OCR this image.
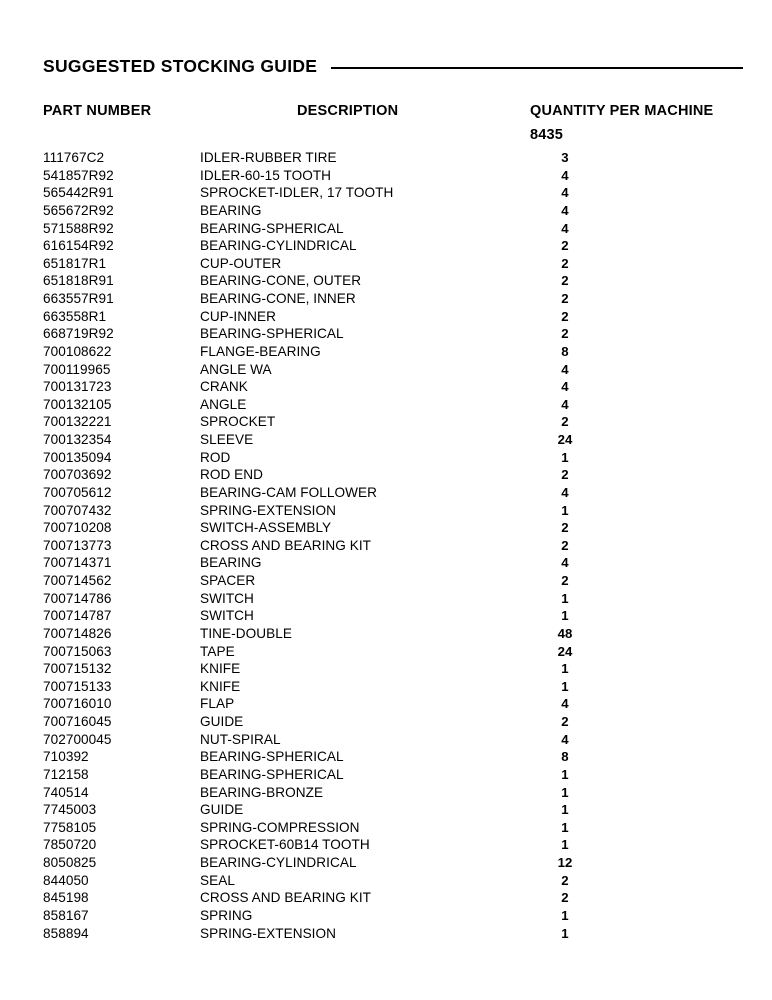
SUGGESTED STOCKING GUIDE
PART NUMBER	DESCRIPTION	QUANTITY PER MACHINE
8435
111767C2	IDLER-RUBBER TIRE	3
541857R92	IDLER-60-15 TOOTH	4
565442R91	SPROCKET-IDLER, 17 TOOTH	4
565672R92	BEARING	4
571588R92	BEARING-SPHERICAL	4
616154R92	BEARING-CYLINDRICAL	2
651817R1	CUP-OUTER	2
651818R91	BEARING-CONE, OUTER	2
663557R91	BEARING-CONE, INNER	2
663558R1	CUP-INNER	2
668719R92	BEARING-SPHERICAL	2
700108622	FLANGE-BEARING	8
700119965	ANGLE WA	4
700131723	CRANK	4
700132105	ANGLE	4
700132221	SPROCKET	2
700132354	SLEEVE	24
700135094	ROD	1
700703692	ROD END	2
700705612	BEARING-CAM FOLLOWER	4
700707432	SPRING-EXTENSION	1
700710208	SWITCH-ASSEMBLY	2
700713773	CROSS AND BEARING KIT	2
700714371	BEARING	4
700714562	SPACER	2
700714786	SWITCH	1
700714787	SWITCH	1
700714826	TINE-DOUBLE	48
700715063	TAPE	24
700715132	KNIFE	1
700715133	KNIFE	1
700716010	FLAP	4
700716045	GUIDE	2
702700045	NUT-SPIRAL	4
710392	BEARING-SPHERICAL	8
712158	BEARING-SPHERICAL	1
740514	BEARING-BRONZE	1
7745003	GUIDE	1
7758105	SPRING-COMPRESSION	1
7850720	SPROCKET-60B14 TOOTH	1
8050825	BEARING-CYLINDRICAL	12
844050	SEAL	2
845198	CROSS AND BEARING KIT	2
858167	SPRING	1
858894	SPRING-EXTENSION	1
